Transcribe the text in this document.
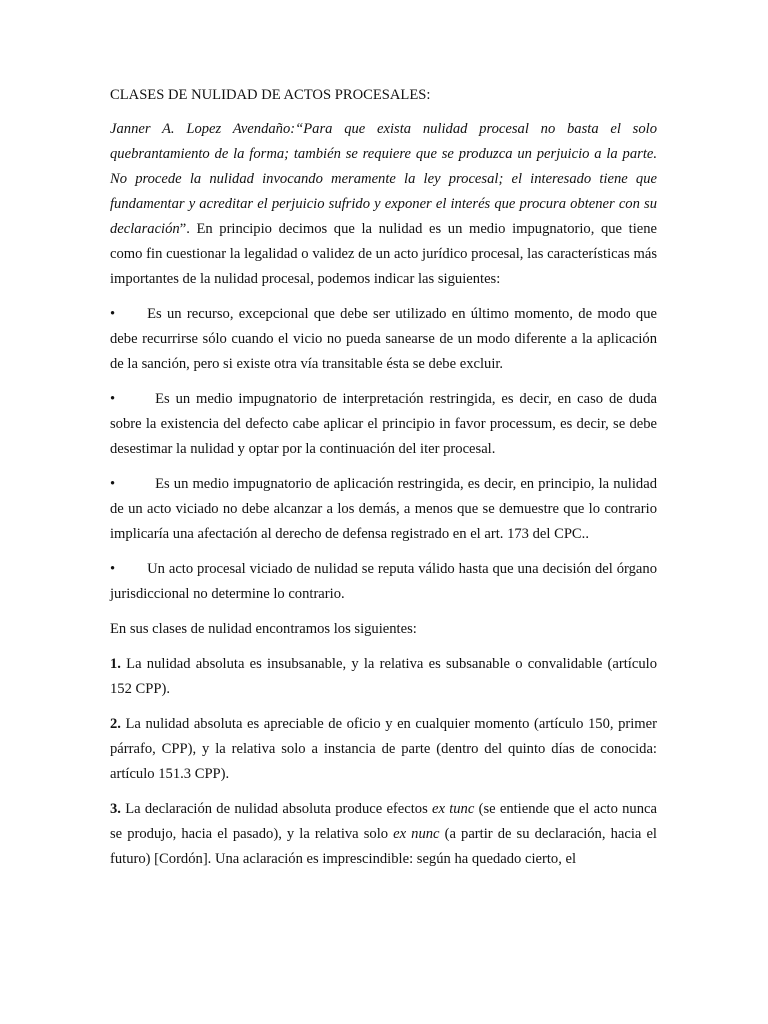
CLASES DE NULIDAD DE ACTOS PROCESALES:

Janner A. Lopez Avendaño:“Para que exista nulidad procesal no basta el solo quebrantamiento de la forma; también se requiere que se produzca un perjuicio a la parte. No procede la nulidad invocando meramente la ley procesal; el interesado tiene que fundamentar y acreditar el perjuicio sufrido y exponer el interés que procura obtener con su declaración”. En principio decimos que la nulidad es un medio impugnatorio, que tiene como fin cuestionar la legalidad o validez de un acto jurídico procesal, las características más importantes de la nulidad procesal, podemos indicar las siguientes:

• Es un recurso, excepcional que debe ser utilizado en último momento, de modo que debe recurrirse sólo cuando el vicio no pueda sanearse de un modo diferente a la aplicación de la sanción, pero si existe otra vía transitable ésta se debe excluir.

•	Es un medio impugnatorio de interpretación restringida, es decir, en caso de duda sobre la existencia del defecto cabe aplicar el principio in favor processum, es decir, se debe desestimar la nulidad y optar por la continuación del iter procesal.

•	Es un medio impugnatorio de aplicación restringida, es decir, en principio, la nulidad de un acto viciado no debe alcanzar a los demás, a menos que se demuestre que lo contrario implicaría una afectación al derecho de defensa registrado en el art. 173 del CPC..

• Un acto procesal viciado de nulidad se reputa válido hasta que una decisión del órgano jurisdiccional no determine lo contrario.

En sus clases de nulidad encontramos los siguientes:

1. La nulidad absoluta es insubsanable, y la relativa es subsanable o convalidable (artículo 152 CPP).

2. La nulidad absoluta es apreciable de oficio y en cualquier momento (artículo 150, primer párrafo, CPP), y la relativa solo a instancia de parte (dentro del quinto días de conocida: artículo 151.3 CPP).

3. La declaración de nulidad absoluta produce efectos ex tunc (se entiende que el acto nunca se produjo, hacia el pasado), y la relativa solo ex nunc (a partir de su declaración, hacia el futuro) [Cordón]. Una aclaración es imprescindible: según ha quedado cierto, el
